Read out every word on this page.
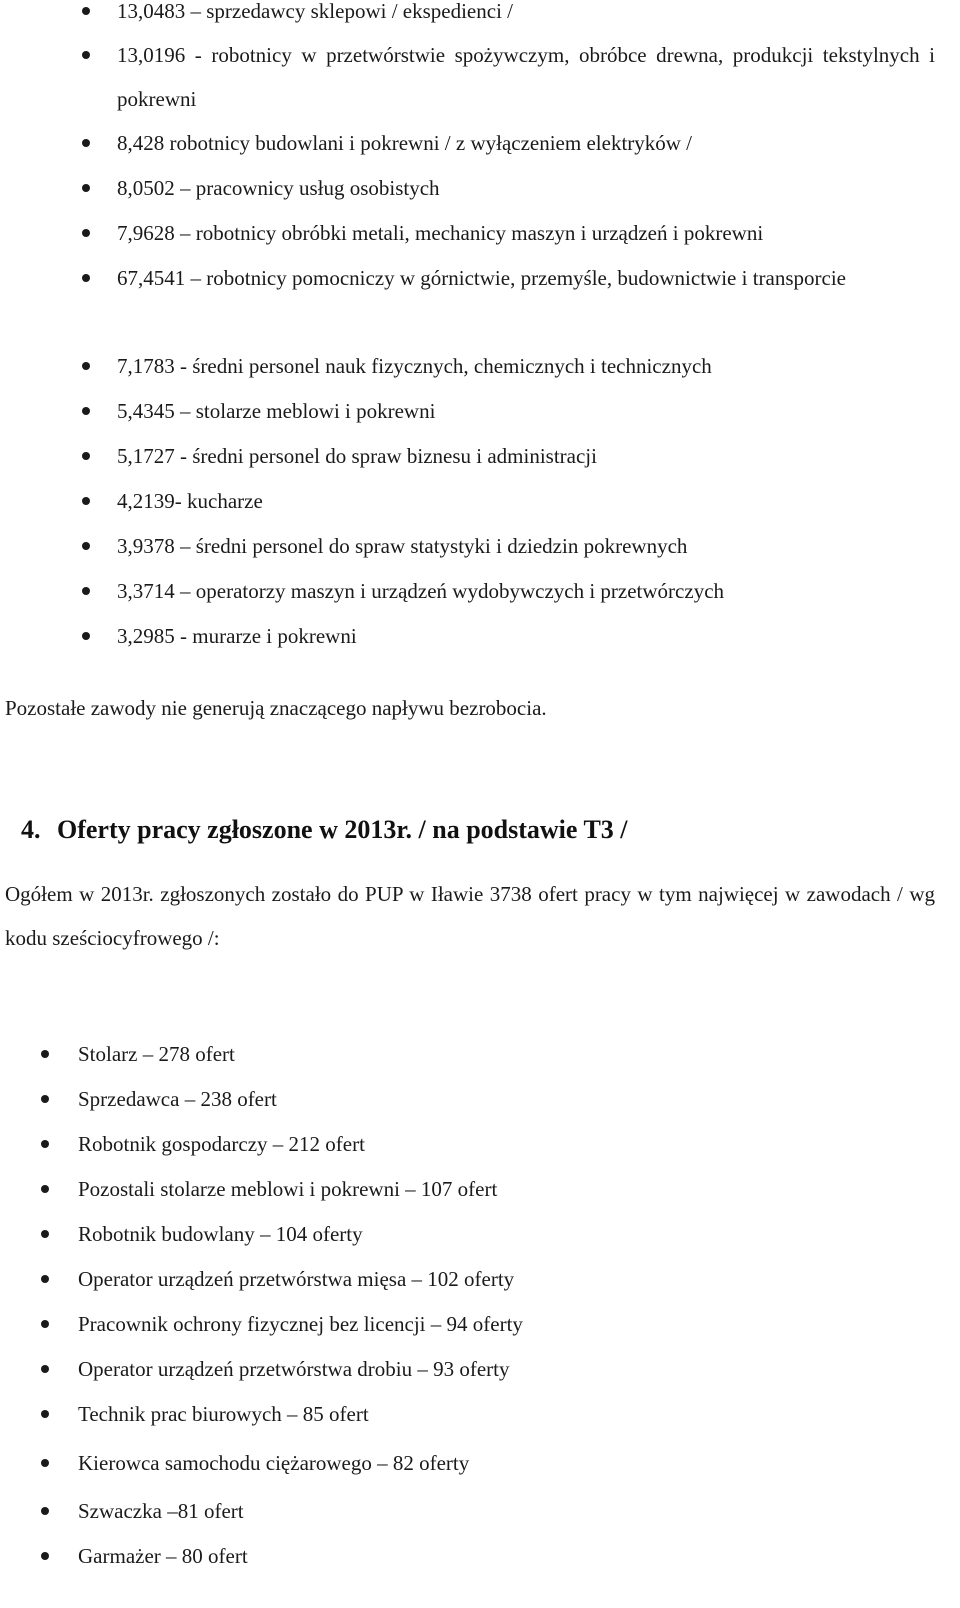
13,0483 – sprzedawcy sklepowi / ekspedienci /
13,0196 - robotnicy w przetwórstwie spożywczym, obróbce drewna, produkcji tekstylnych i pokrewni
8,428 robotnicy budowlani i pokrewni / z wyłączeniem elektryków /
8,0502 – pracownicy usług osobistych
7,9628 – robotnicy obróbki metali, mechanicy maszyn i urządzeń i pokrewni
67,4541 – robotnicy pomocniczy w górnictwie, przemyśle, budownictwie i transporcie
7,1783 - średni personel nauk fizycznych, chemicznych i technicznych
5,4345 – stolarze meblowi i pokrewni
5,1727 - średni personel do spraw biznesu i administracji
4,2139- kucharze
3,9378 – średni personel do spraw statystyki i dziedzin pokrewnych
3,3714 – operatorzy maszyn i urządzeń wydobywczych i przetwórczych
3,2985 - murarze i pokrewni

Pozostałe zawody nie generują znaczącego napływu bezrobocia.

4. Oferty pracy zgłoszone w 2013r. / na podstawie T3 /

Ogółem w 2013r. zgłoszonych zostało do PUP w Iławie 3738 ofert pracy w tym najwięcej w zawodach / wg kodu sześciocyfrowego /:

Stolarz – 278 ofert
Sprzedawca – 238 ofert
Robotnik gospodarczy – 212 ofert
Pozostali stolarze meblowi i pokrewni – 107 ofert
Robotnik budowlany – 104 oferty
Operator urządzeń przetwórstwa mięsa – 102 oferty
Pracownik ochrony fizycznej bez licencji – 94 oferty
Operator urządzeń przetwórstwa drobiu – 93 oferty
Technik prac biurowych – 85 ofert
Kierowca samochodu ciężarowego – 82 oferty
Szwaczka –81 ofert
Garmażer – 80 ofert
